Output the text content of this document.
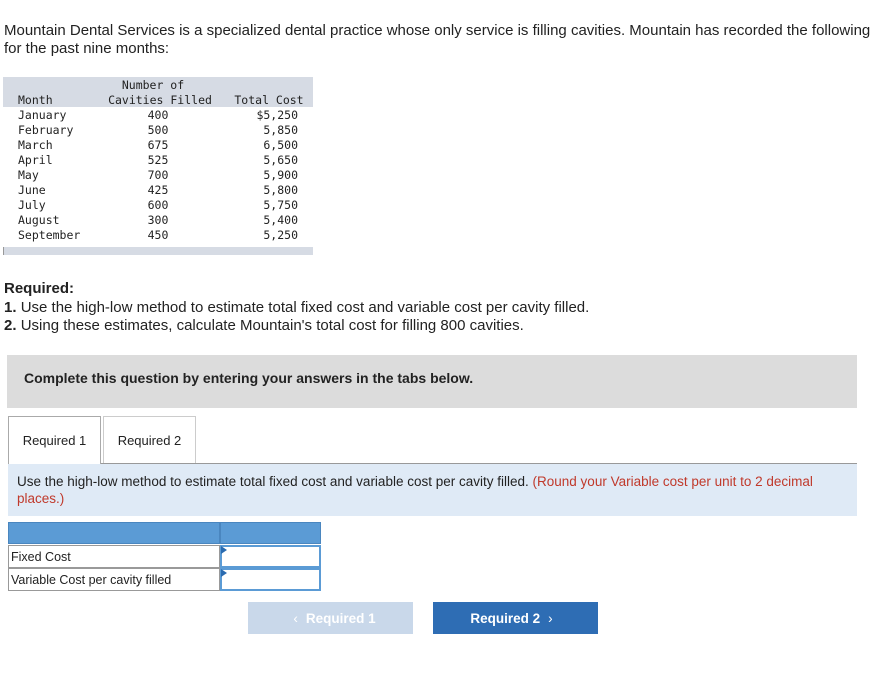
Mountain Dental Services is a specialized dental practice whose only service is filling cavities. Mountain has recorded the following for the past nine months:
Number of
Month	Cavities Filled	Total Cost
January	400	$5,250
February	500	5,850
March	675	6,500
April	525	5,650
May	700	5,900
June	425	5,800
July	600	5,750
August	300	5,400
September	450	5,250
Required:
1. Use the high-low method to estimate total fixed cost and variable cost per cavity filled.
2. Using these estimates, calculate Mountain's total cost for filling 800 cavities.
Complete this question by entering your answers in the tabs below.
Required 1	Required 2
Use the high-low method to estimate total fixed cost and variable cost per cavity filled. (Round your Variable cost per unit to 2 decimal places.)
Fixed Cost
Variable Cost per cavity filled
‹ Required 1	Required 2 ›
